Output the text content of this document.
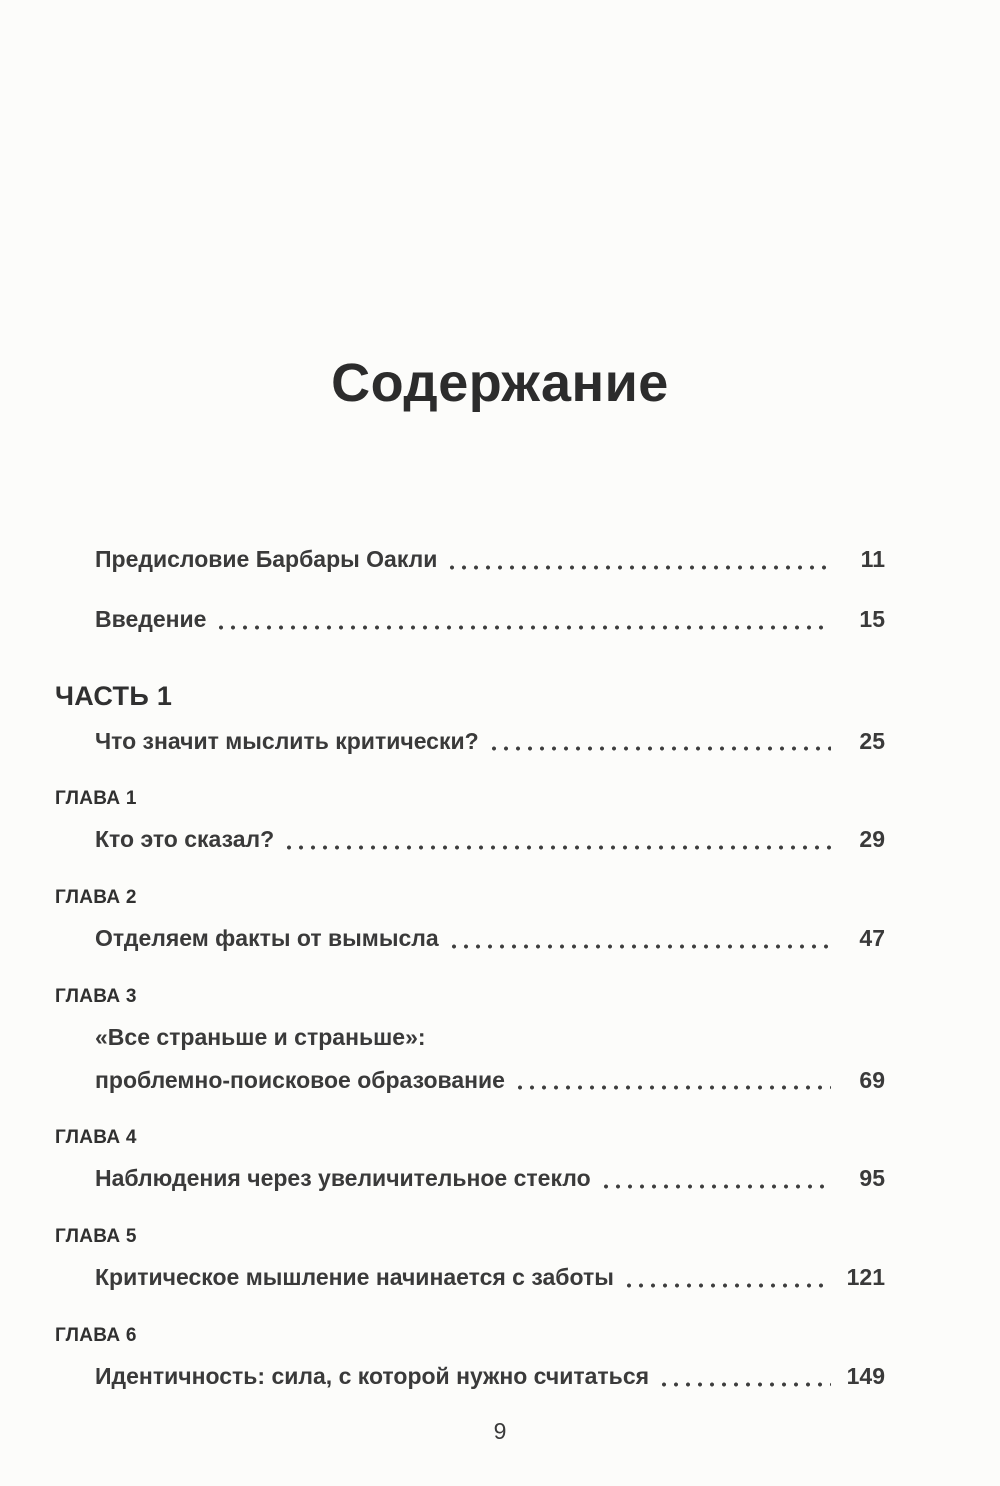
Содержание
Предисловие Барбары Оакли	11
Введение	15
ЧАСТЬ 1
Что значит мыслить критически?	25
ГЛАВА 1
Кто это сказал?	29
ГЛАВА 2
Отделяем факты от вымысла	47
ГЛАВА 3
«Все страньше и страньше»:
проблемно-поисковое образование	69
ГЛАВА 4
Наблюдения через увеличительное стекло	95
ГЛАВА 5
Критическое мышление начинается с заботы	121
ГЛАВА 6
Идентичность: сила, с которой нужно считаться	149
9
